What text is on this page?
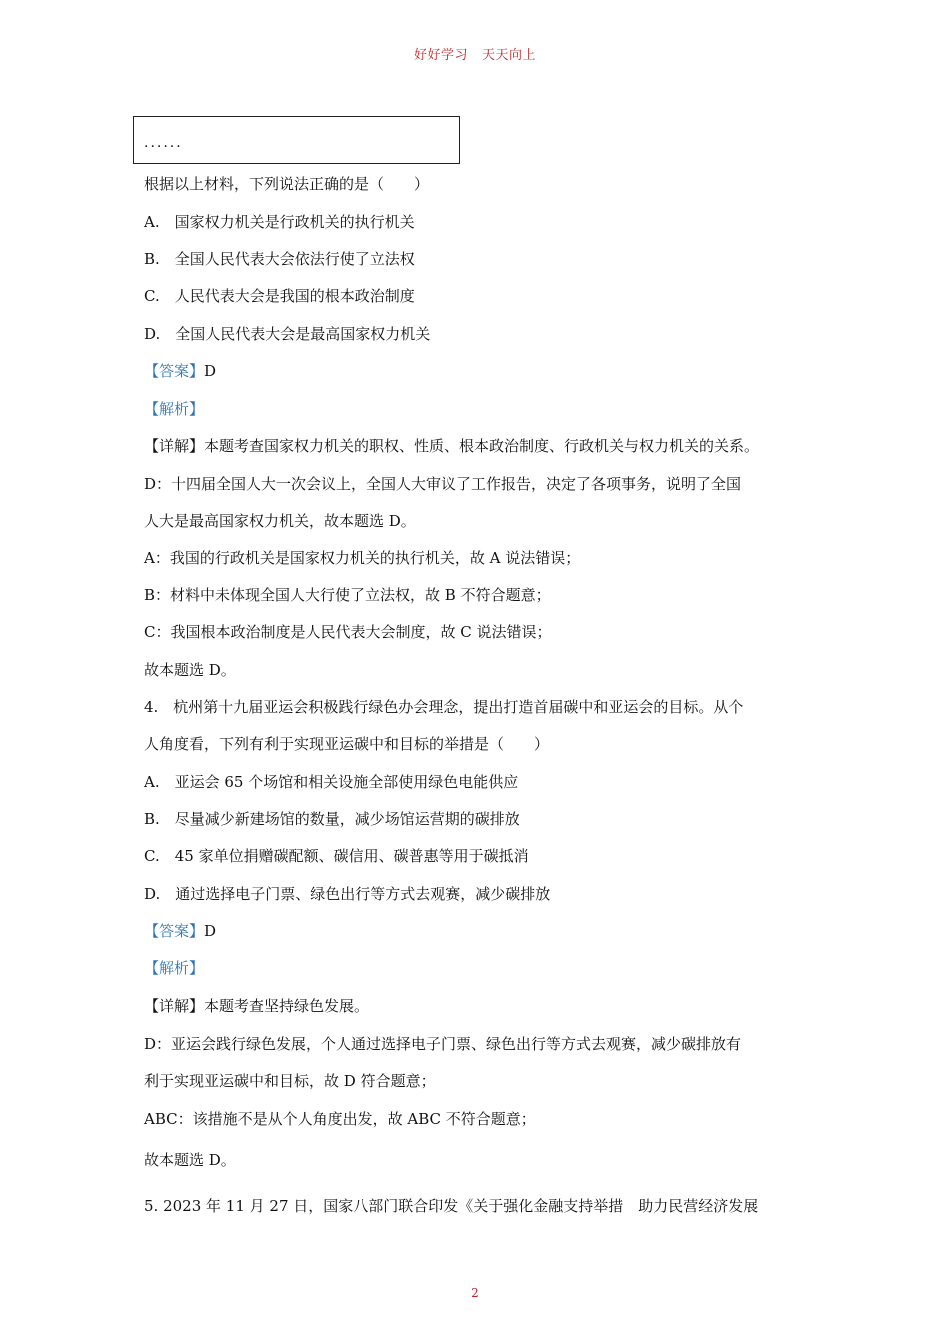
好好学习 天天向上
......
根据以上材料，下列说法正确的是（　　）
A.　国家权力机关是行政机关的执行机关
B.　全国人民代表大会依法行使了立法权
C.　人民代表大会是我国的根本政治制度
D.　全国人民代表大会是最高国家权力机关
【答案】D
【解析】
【详解】本题考查国家权力机关的职权、性质、根本政治制度、行政机关与权力机关的关系。
D：十四届全国人大一次会议上，全国人大审议了工作报告，决定了各项事务，说明了全国
人大是最高国家权力机关，故本题选 D。
A：我国的行政机关是国家权力机关的执行机关，故 A 说法错误；
B：材料中未体现全国人大行使了立法权，故 B 不符合题意；
C：我国根本政治制度是人民代表大会制度，故 C 说法错误；
故本题选 D。
4.　杭州第十九届亚运会积极践行绿色办会理念，提出打造首届碳中和亚运会的目标。从个
人角度看，下列有利于实现亚运碳中和目标的举措是（　　）
A.　亚运会 65 个场馆和相关设施全部使用绿色电能供应
B.　尽量减少新建场馆的数量，减少场馆运营期的碳排放
C.　45 家单位捐赠碳配额、碳信用、碳普惠等用于碳抵消
D.　通过选择电子门票、绿色出行等方式去观赛，减少碳排放
【答案】D
【解析】
【详解】本题考查坚持绿色发展。
D：亚运会践行绿色发展，个人通过选择电子门票、绿色出行等方式去观赛，减少碳排放有
利于实现亚运碳中和目标，故 D 符合题意；
ABC：该措施不是从个人角度出发，故 ABC 不符合题意；
故本题选 D。
5. 2023 年 11 月 27 日，国家八部门联合印发《关于强化金融支持举措　助力民营经济发展
2
